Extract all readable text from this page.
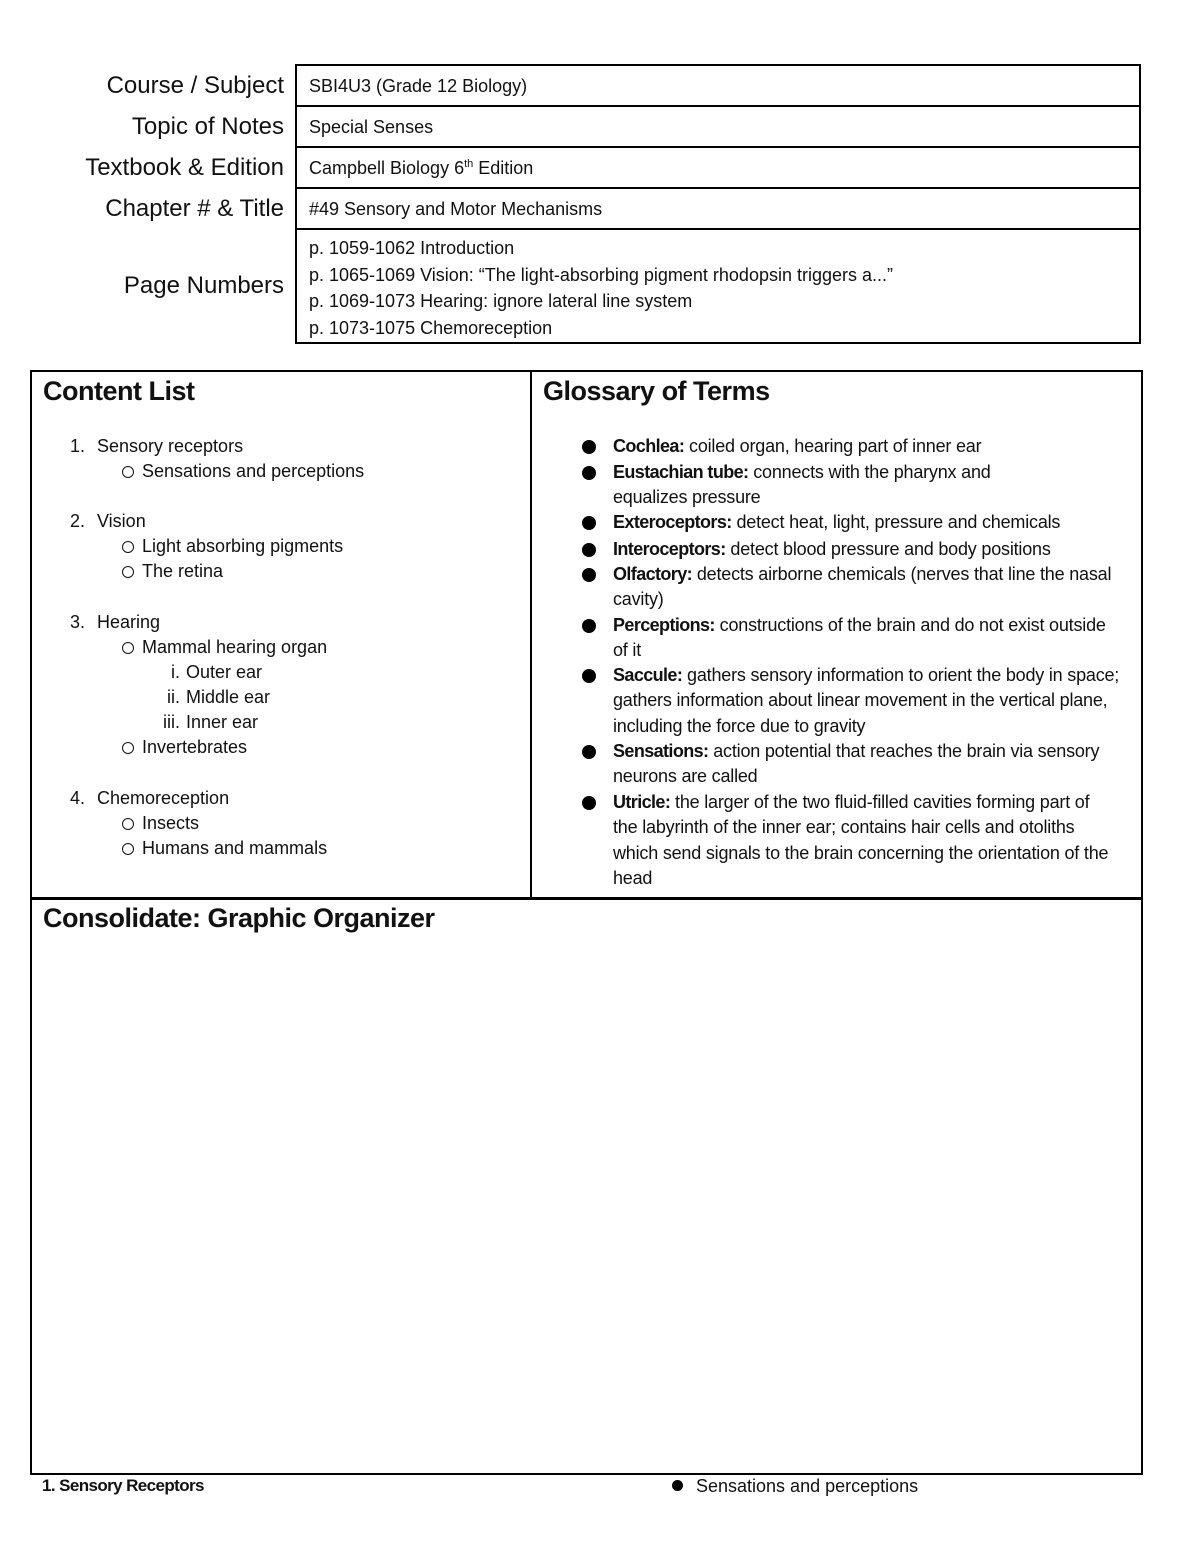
Course / Subject SBI4U3 (Grade 12 Biology)
Topic of Notes Special Senses
Textbook & Edition Campbell Biology 6th Edition
Chapter # & Title #49 Sensory and Motor Mechanisms
Page Numbers
p. 1059-1062 Introduction
p. 1065-1069 Vision: “The light-absorbing pigment rhodopsin triggers a...”
p. 1069-1073 Hearing: ignore lateral line system
p. 1073-1075 Chemoreception
Content List
1. Sensory receptors
Sensations and perceptions
2. Vision
Light absorbing pigments
The retina
3. Hearing
Mammal hearing organ
i. Outer ear
ii. Middle ear
iii. Inner ear
Invertebrates
4. Chemoreception
Insects
Humans and mammals
Glossary of Terms
Cochlea: coiled organ, hearing part of inner ear
Eustachian tube: connects with the pharynx and equalizes pressure
Exteroceptors: detect heat, light, pressure and chemicals
Interoceptors: detect blood pressure and body positions
Olfactory: detects airborne chemicals (nerves that line the nasal cavity)
Perceptions: constructions of the brain and do not exist outside of it
Saccule: gathers sensory information to orient the body in space; gathers information about linear movement in the vertical plane, including the force due to gravity
Sensations: action potential that reaches the brain via sensory neurons are called
Utricle: the larger of the two fluid-filled cavities forming part of the labyrinth of the inner ear; contains hair cells and otoliths which send signals to the brain concerning the orientation of the head
Consolidate: Graphic Organizer
1. Sensory Receptors	Sensations and perceptions
